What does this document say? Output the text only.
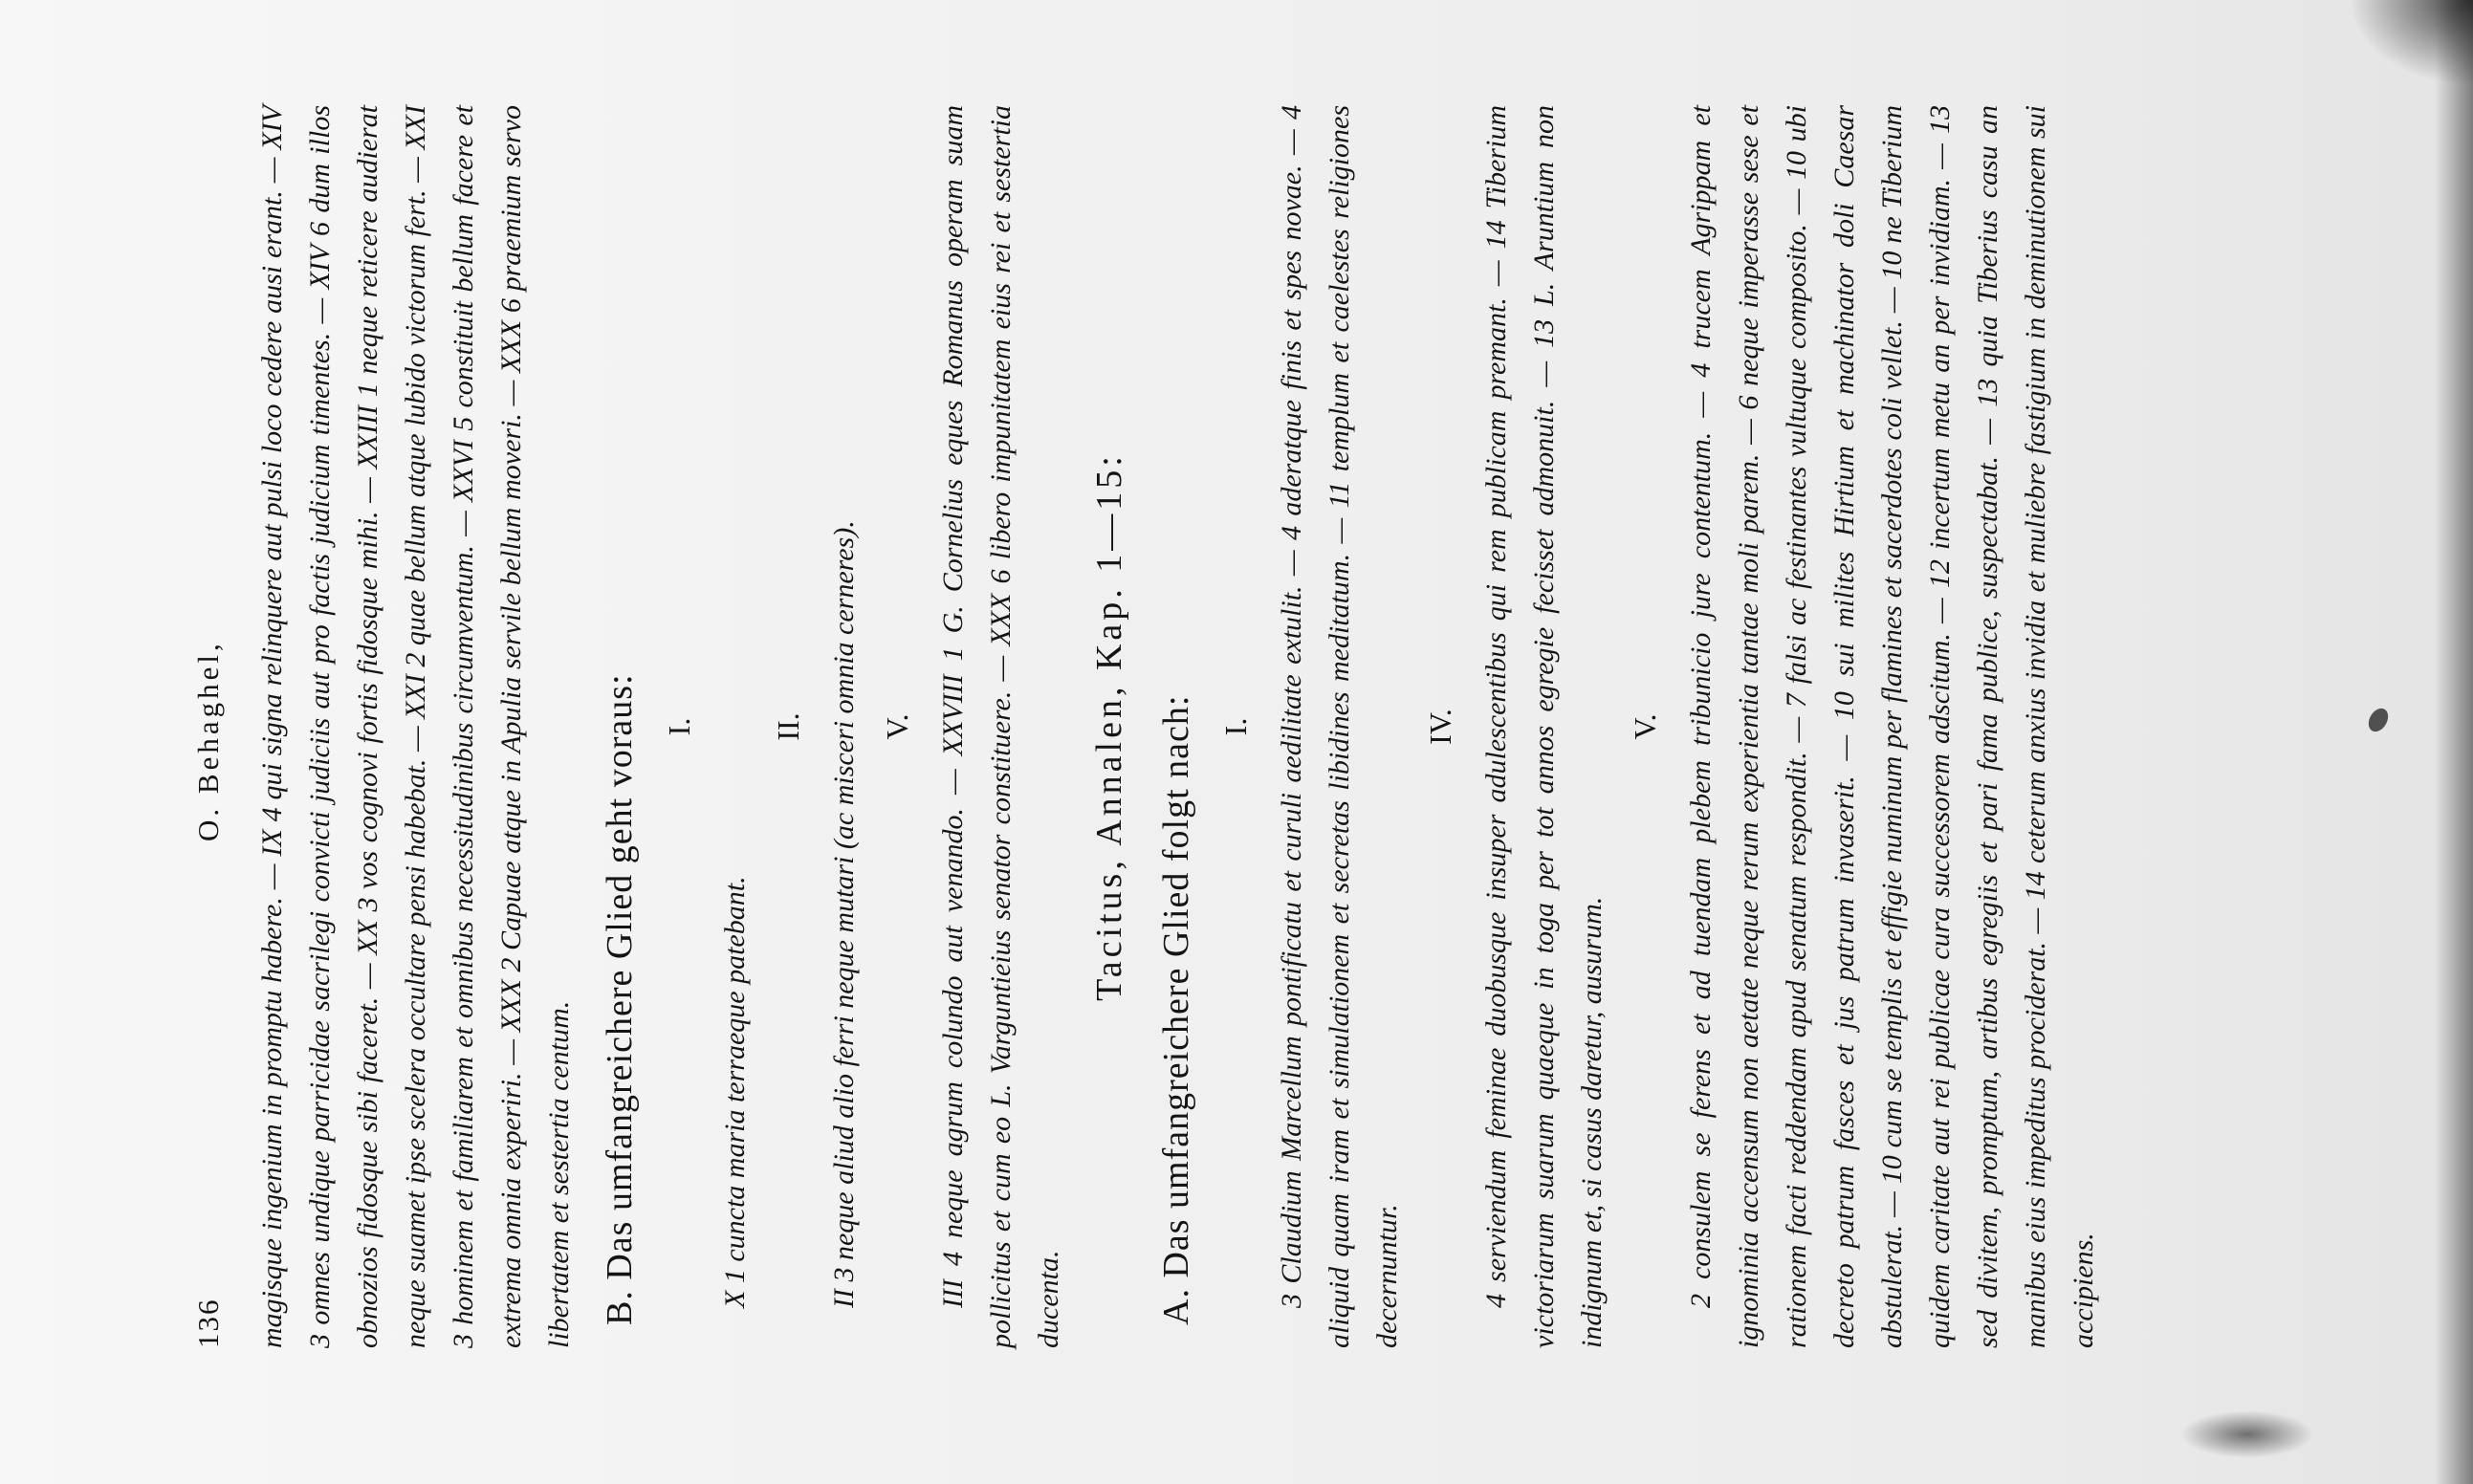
136
O. Behaghel, magisque ingenium in promptu habere. — IX 4 qui signa relinquere aut pulsi loco cedere ausi erant. — XIV 3 omnes undique parricidae sacrilegi convicti judiciis aut pro factis judicium timentes. — XIV 6 dum illos obnozios fidosque sibi faceret. — XX 3 vos cognovi fortis fidosque mihi. — XXIII 1 neque reticere audierat neque suamet ipse scelera occultare pensi habebat. — XXI 2 quae bellum atque lubido victorum fert. — XXI 3 hominem et familiarem et omnibus necessitudinibus circumventum. — XXVI 5 constituit bellum facere et extrema omnia experiri. — XXX 2 Capuae atque in Apulia servile bellum moveri. — XXX 6 praemium servo libertatem et sestertia centum. B. Das umfangreichere Glied geht voraus: I.

X 1 cuncta maria terraeque patebant.

II. II 3 neque aliud alio ferri neque mutari (ac misceri omnia cerneres). V. III 4 neque agrum colundo aut venando. — XXVIII 1 G. Cornelius eques Romanus operam suam pollicitus et cum eo L. Varguntieius senator constituere. — XXX 6 libero impunitatem eius rei et sestertia ducenta.

Tacitus, Annalen, Kap. 1—15: A. Das umfangreichere Glied folgt nach: I. 3 Claudium Marcellum pontificatu et curuli aedilitate extulit. — 4 aderatque finis et spes novae. — 4 aliquid quam iram et simulationem et secretas libidines meditatum. — 11 templum et caelestes religiones decernuntur.

IV. 4 serviendum feminae duobusque insuper adulescentibus qui rem publicam premant. — 14 Tiberium victoriarum suarum quaeque in toga per tot annos egregie fecisset admonuit. — 13 L. Aruntium non indignum et, si casus daretur, ausurum.

V. 2 consulem se ferens et ad tuendam plebem tribunicio jure contentum. — 4 trucem Agrippam et ignominia accensum non aetate neque rerum experientia tantae moli parem. — 6 neque imperasse sese et rationem facti reddendam apud senatum respondit. — 7 falsi ac festinantes vultuque composito. — 10 ubi decreto patrum fasces et jus patrum invaserit. — 10 sui milites Hirtium et machinator doli Caesar abstulerat. — 10 cum se templis et effigie numinum per flamines et sacerdotes coli vellet. — 10 ne Tiberium quidem caritate aut rei publicae cura successorem adscitum. — 12 incertum metu an per invidiam. — 13 sed divitem, promptum, artibus egregiis et pari fama publice, suspectabat. — 13 quia Tiberius casu an manibus eius impeditus prociderat. — 14 ceterum anxius invidia et muliebre fastigium in deminutionem sui accipiens.
